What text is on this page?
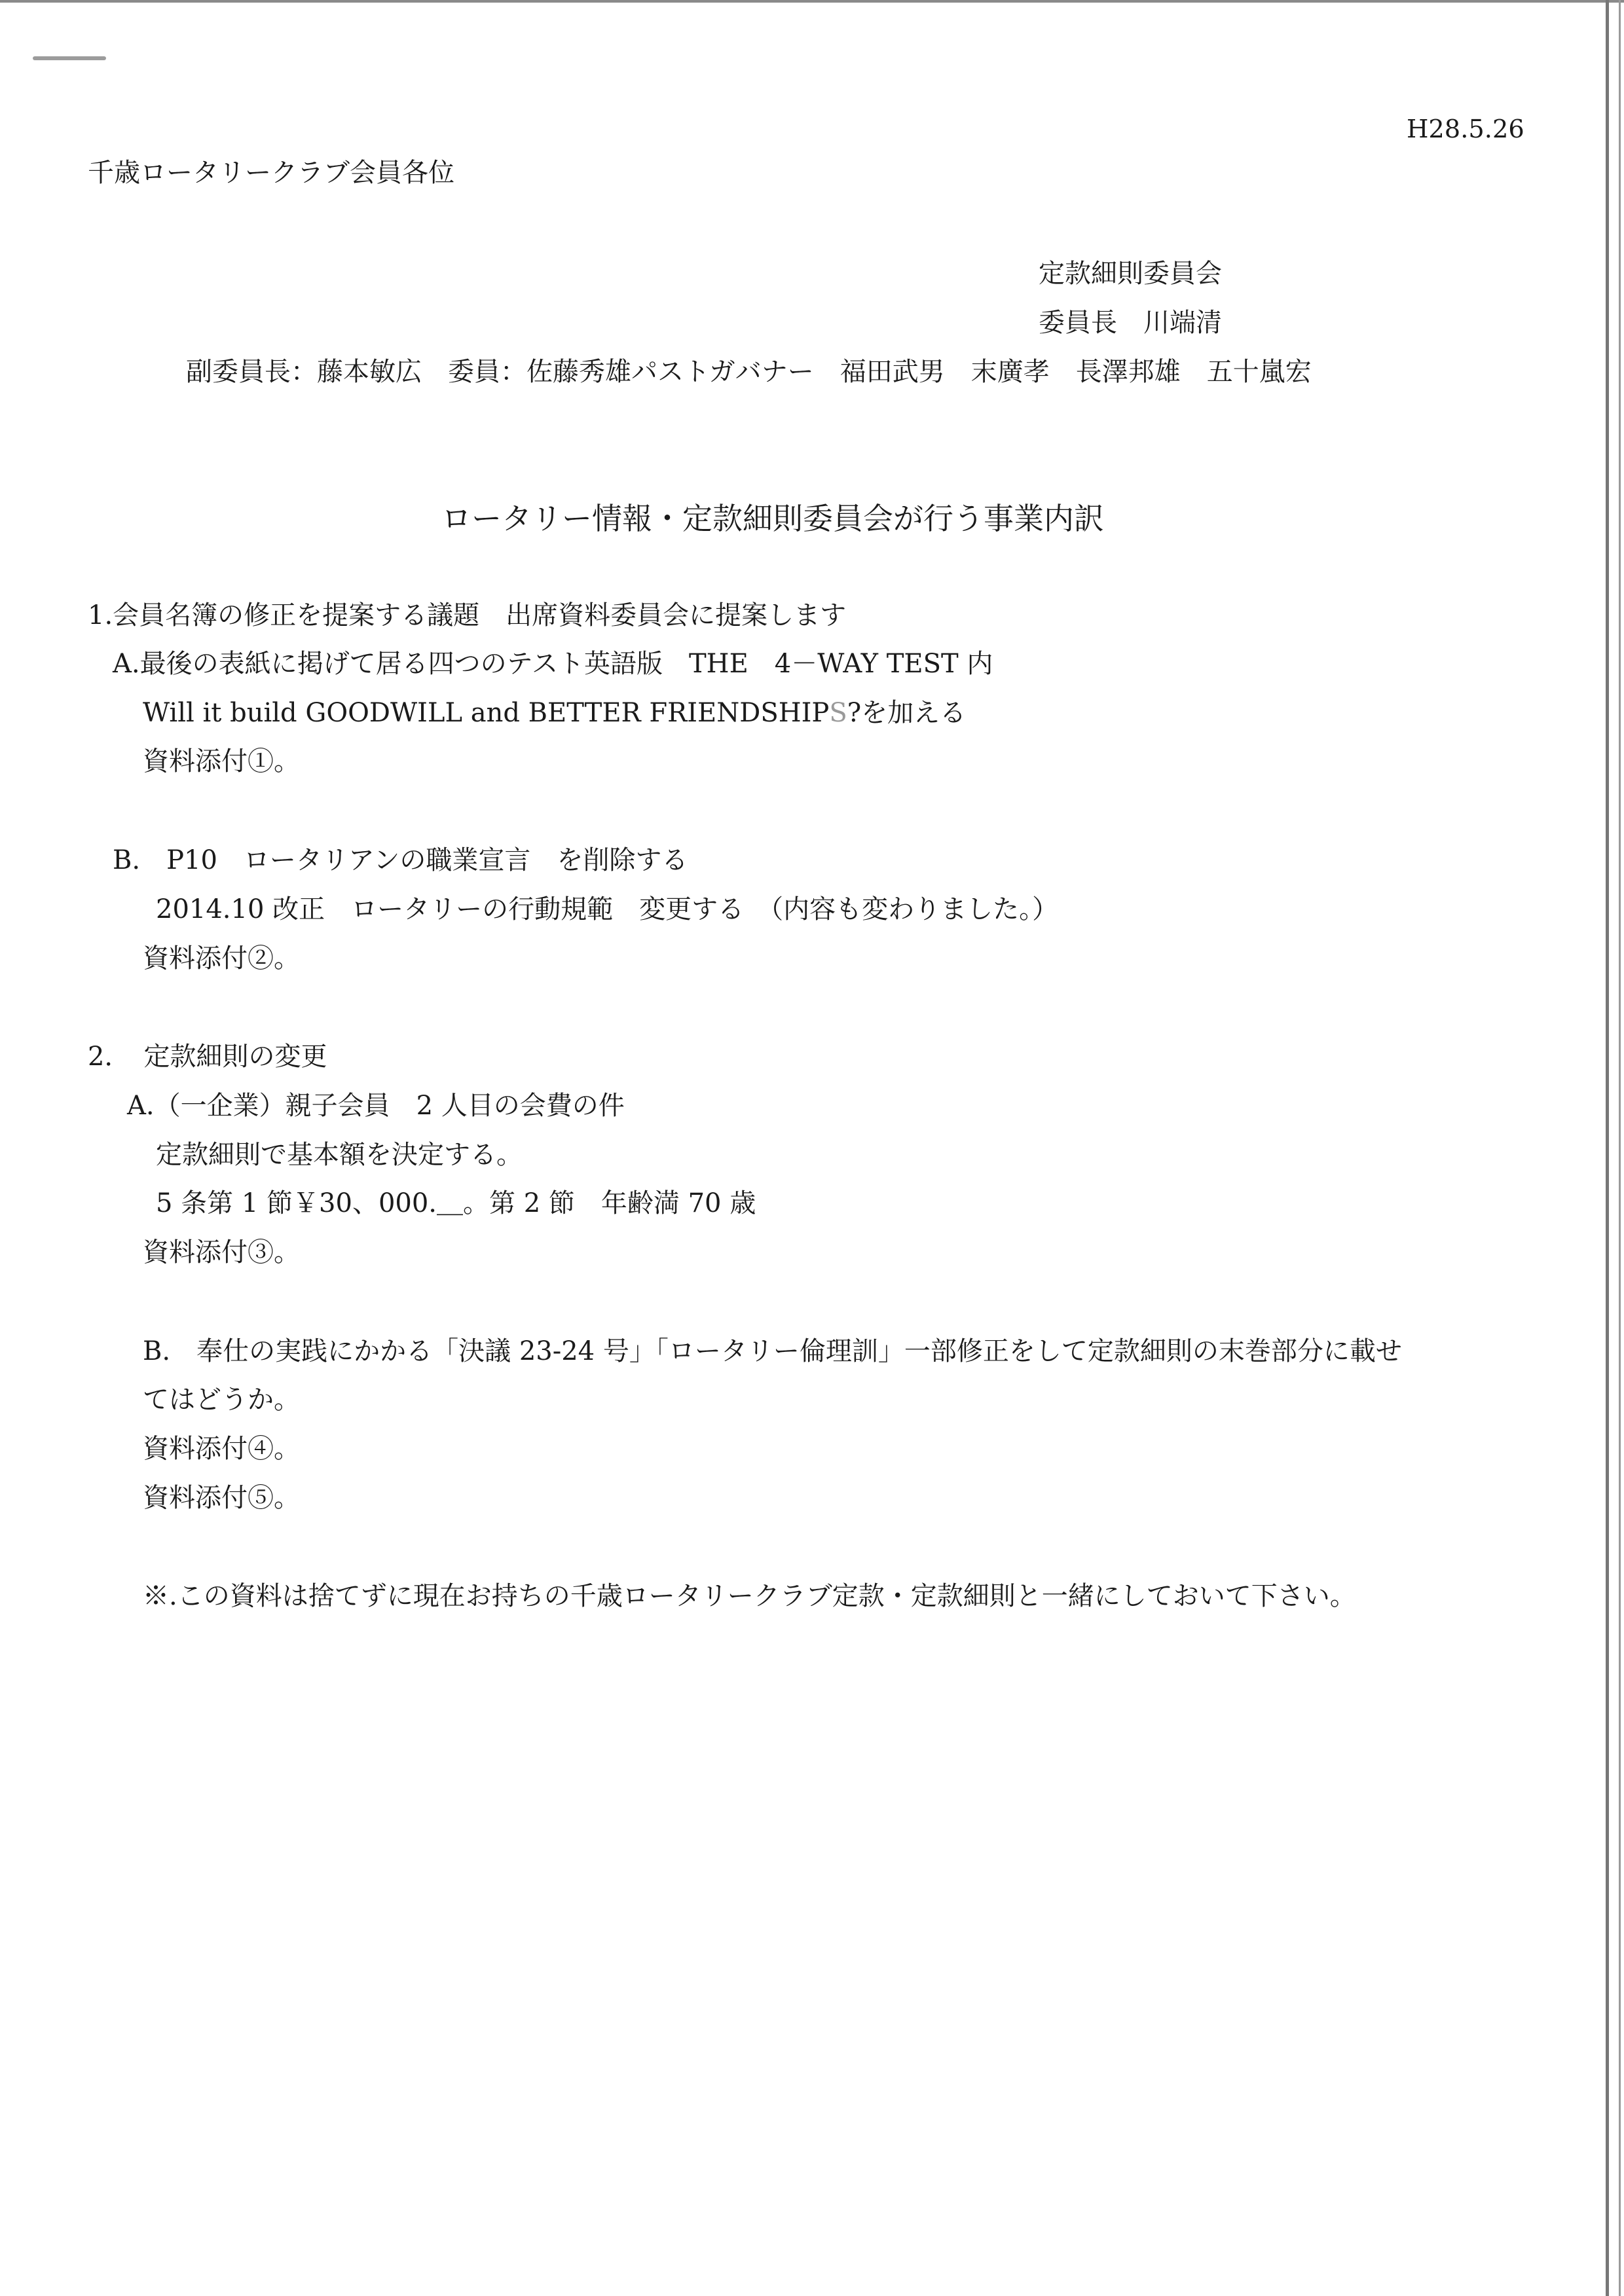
H28.5.26
千歳ロータリークラブ会員各位
定款細則委員会
委員長　川端清
副委員長：藤本敏広　委員：佐藤秀雄パストガバナー　福田武男　末廣孝　長澤邦雄　五十嵐宏
ロータリー情報・定款細則委員会が行う事業内訳
1.会員名簿の修正を提案する議題　出席資料委員会に提案します
A.最後の表紙に掲げて居る四つのテスト英語版　THE　4－WAY TEST 内
Will it build GOODWILL and BETTER FRIENDSHIPS?を加える
資料添付①。
B.　P10　ロータリアンの職業宣言　を削除する
2014.10 改正　ロータリーの行動規範　変更する　（内容も変わりました。）
資料添付②。
2．　定款細則の変更
A.（一企業）親子会員　2 人目の会費の件
定款細則で基本額を決定する。
5 条第 1 節￥30、000.＿。第 2 節　年齢満 70 歳
資料添付③。
B.　奉仕の実践にかかる「決議 23-24 号」「ロータリー倫理訓」一部修正をして定款細則の末巻部分に載せ
てはどうか。
資料添付④。
資料添付⑤。
※.この資料は捨てずに現在お持ちの千歳ロータリークラブ定款・定款細則と一緒にしておいて下さい。
